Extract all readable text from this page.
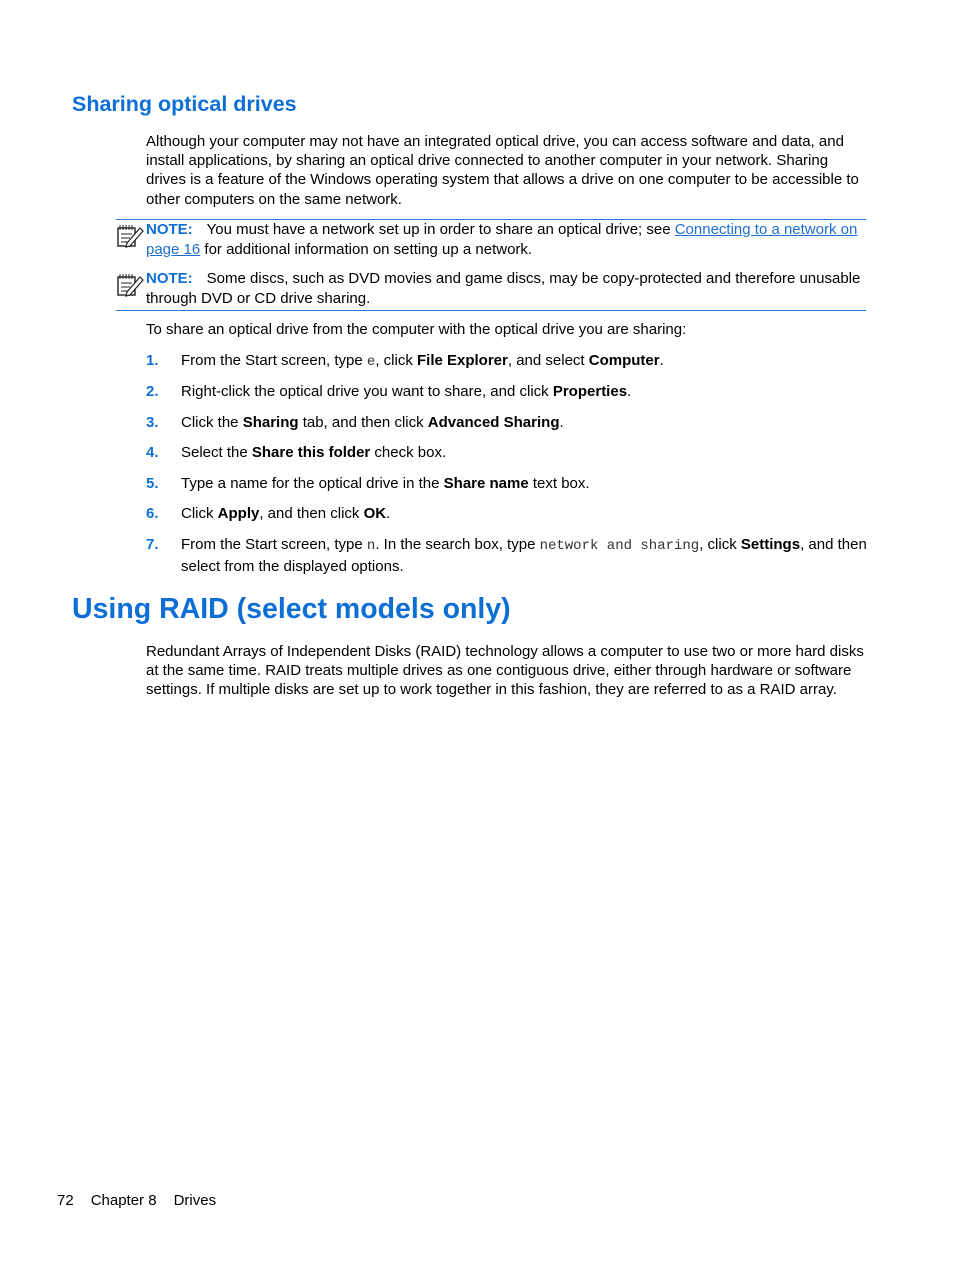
Sharing optical drives

Although your computer may not have an integrated optical drive, you can access software and data, and install applications, by sharing an optical drive connected to another computer in your network. Sharing drives is a feature of the Windows operating system that allows a drive on one computer to be accessible to other computers on the same network.

NOTE: You must have a network set up in order to share an optical drive; see Connecting to a network on page 16 for additional information on setting up a network.
NOTE: Some discs, such as DVD movies and game discs, may be copy-protected and therefore unusable through DVD or CD drive sharing.

To share an optical drive from the computer with the optical drive you are sharing:

1. From the Start screen, type e, click File Explorer, and select Computer.
2. Right-click the optical drive you want to share, and click Properties.
3. Click the Sharing tab, and then click Advanced Sharing.
4. Select the Share this folder check box.
5. Type a name for the optical drive in the Share name text box.
6. Click Apply, and then click OK.
7. From the Start screen, type n. In the search box, type network and sharing, click Settings, and then select from the displayed options.
Using RAID (select models only)

Redundant Arrays of Independent Disks (RAID) technology allows a computer to use two or more hard disks at the same time. RAID treats multiple drives as one contiguous drive, either through hardware or software settings. If multiple disks are set up to work together in this fashion, they are referred to as a RAID array.

72 Chapter 8 Drives
